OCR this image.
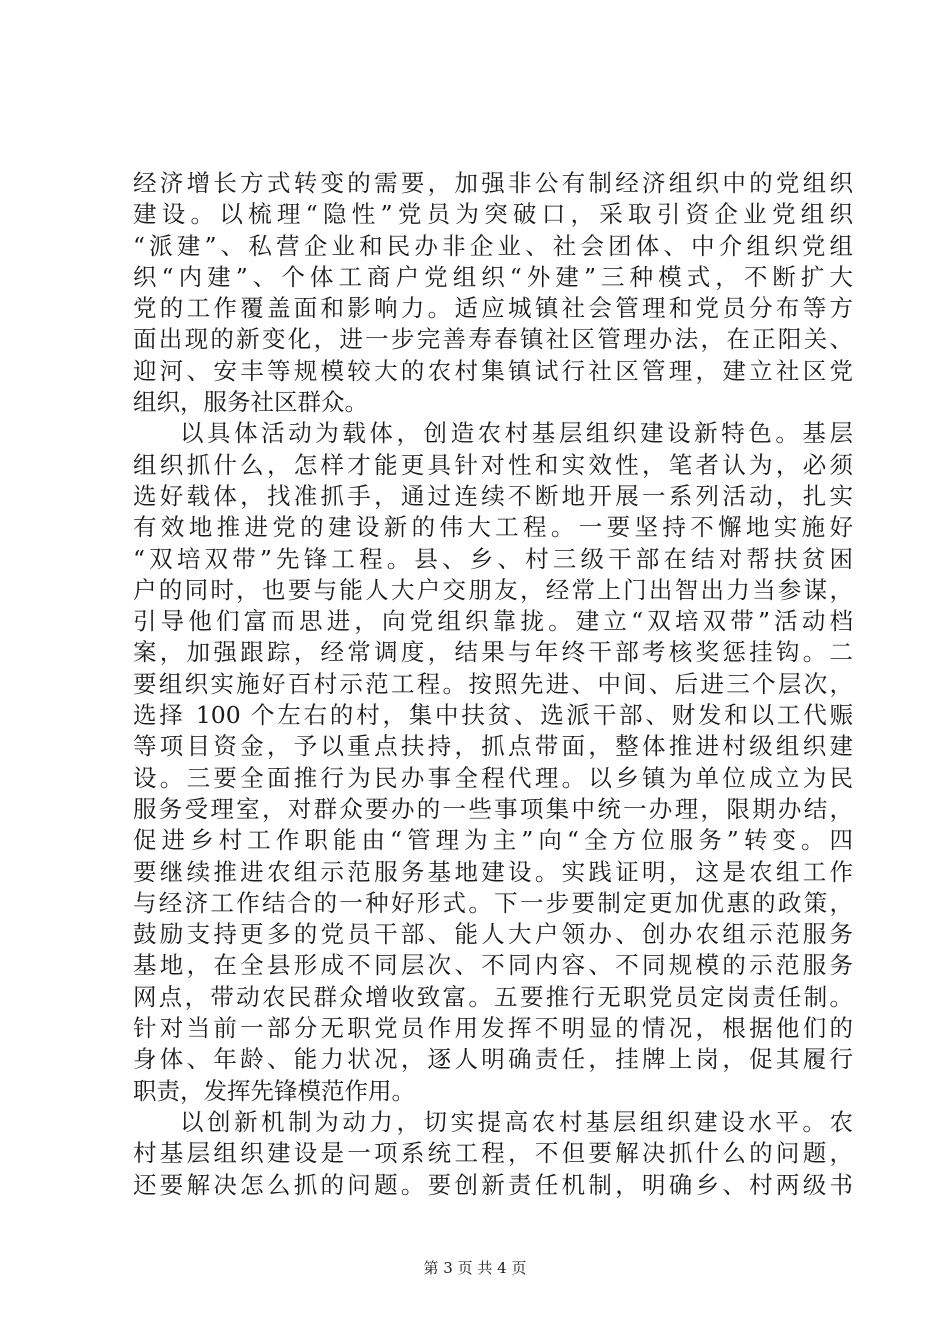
经济增长方式转变的需要，加强非公有制经济组织中的党组织
建设。以梳理“隐性”党员为突破口，采取引资企业党组织
“派建”、私营企业和民办非企业、社会团体、中介组织党组
织“内建”、个体工商户党组织“外建”三种模式，不断扩大
党的工作覆盖面和影响力。适应城镇社会管理和党员分布等方
面出现的新变化，进一步完善寿春镇社区管理办法，在正阳关、
迎河、安丰等规模较大的农村集镇试行社区管理，建立社区党
组织，服务社区群众。
以具体活动为载体，创造农村基层组织建设新特色。基层
组织抓什么，怎样才能更具针对性和实效性，笔者认为，必须
选好载体，找准抓手，通过连续不断地开展一系列活动，扎实
有效地推进党的建设新的伟大工程。一要坚持不懈地实施好
“双培双带”先锋工程。县、乡、村三级干部在结对帮扶贫困
户的同时，也要与能人大户交朋友，经常上门出智出力当参谋，
引导他们富而思进，向党组织靠拢。建立“双培双带”活动档
案，加强跟踪，经常调度，结果与年终干部考核奖惩挂钩。二
要组织实施好百村示范工程。按照先进、中间、后进三个层次，
选择 100 个左右的村，集中扶贫、选派干部、财发和以工代赈
等项目资金，予以重点扶持，抓点带面，整体推进村级组织建
设。三要全面推行为民办事全程代理。以乡镇为单位成立为民
服务受理室，对群众要办的一些事项集中统一办理，限期办结，
促进乡村工作职能由“管理为主”向“全方位服务”转变。四
要继续推进农组示范服务基地建设。实践证明，这是农组工作
与经济工作结合的一种好形式。下一步要制定更加优惠的政策，
鼓励支持更多的党员干部、能人大户领办、创办农组示范服务
基地，在全县形成不同层次、不同内容、不同规模的示范服务
网点，带动农民群众增收致富。五要推行无职党员定岗责任制。
针对当前一部分无职党员作用发挥不明显的情况，根据他们的
身体、年龄、能力状况，逐人明确责任，挂牌上岗，促其履行
职责，发挥先锋模范作用。
以创新机制为动力，切实提高农村基层组织建设水平。农
村基层组织建设是一项系统工程，不但要解决抓什么的问题，
还要解决怎么抓的问题。要创新责任机制，明确乡、村两级书
第 3 页 共 4 页
